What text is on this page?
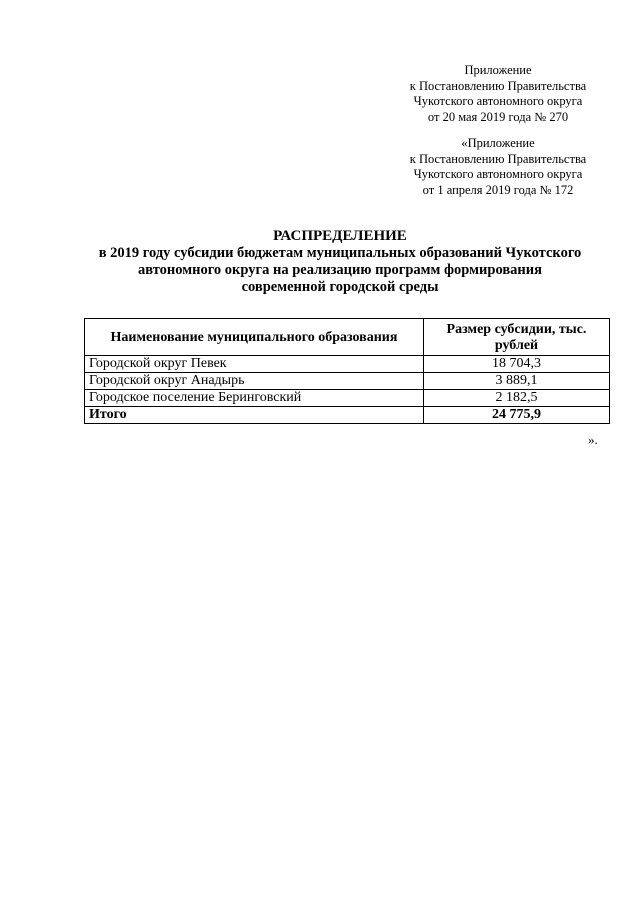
Приложение
к Постановлению Правительства
Чукотского автономного округа
от 20 мая 2019 года № 270
«Приложение
к Постановлению Правительства
Чукотского автономного округа
от 1 апреля 2019 года № 172
РАСПРЕДЕЛЕНИЕ
в 2019 году субсидии бюджетам муниципальных образований Чукотского
автономного округа на реализацию программ формирования
современной городской среды
Наименование муниципального образования	Размер субсидии, тыс. рублей
Городской округ Певек	18 704,3
Городской округ Анадырь	3 889,1
Городское поселение Беринговский	2 182,5
Итого	24 775,9
».
